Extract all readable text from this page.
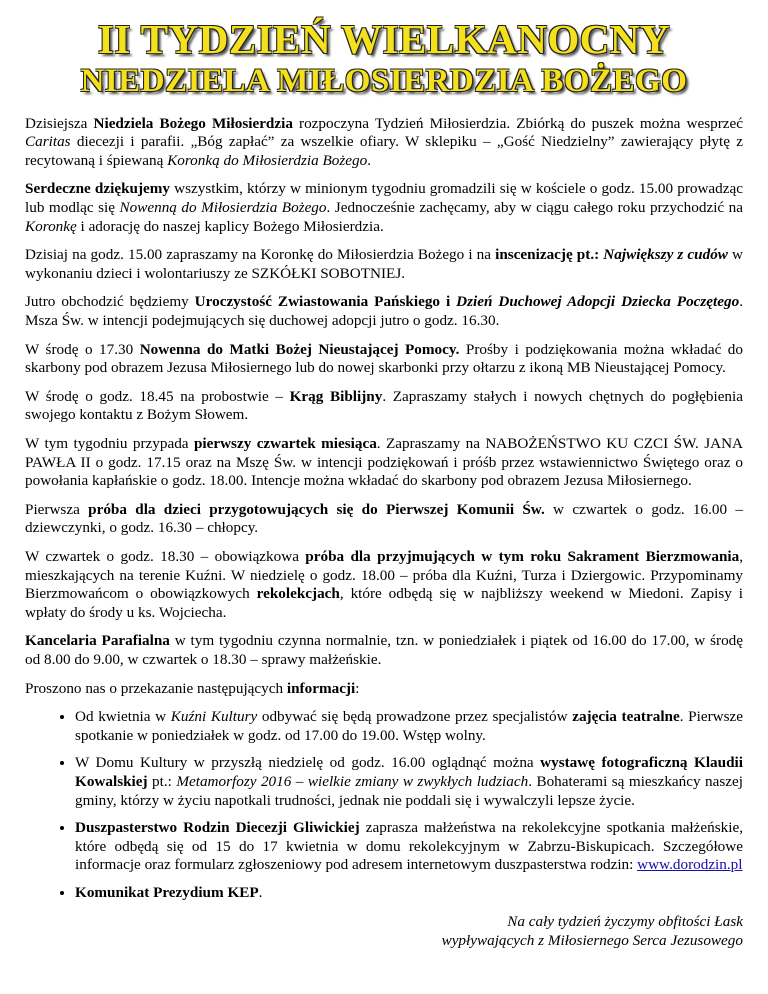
II TYDZIEŃ WIELKANOCNY
NIEDZIELA MIŁOSIERDZIA BOŻEGO

Dzisiejsza Niedziela Bożego Miłosierdzia rozpoczyna Tydzień Miłosierdzia. Zbiórką do puszek można wesprzeć Caritas diecezji i parafii. „Bóg zapłać” za wszelkie ofiary. W sklepiku – „Gość Niedzielny” zawierający płytę z recytowaną i śpiewaną Koronką do Miłosierdzia Bożego.

Serdeczne dziękujemy wszystkim, którzy w minionym tygodniu gromadzili się w kościele o godz. 15.00 prowadząc lub modląc się Nowenną do Miłosierdzia Bożego. Jednocześnie zachęcamy, aby w ciągu całego roku przychodzić na Koronkę i adorację do naszej kaplicy Bożego Miłosierdzia.

Dzisiaj na godz. 15.00 zapraszamy na Koronkę do Miłosierdzia Bożego i na inscenizację pt.: Największy z cudów w wykonaniu dzieci i wolontariuszy ze SZKÓŁKI SOBOTNIEJ.

Jutro obchodzić będziemy Uroczystość Zwiastowania Pańskiego i Dzień Duchowej Adopcji Dziecka Poczętego. Msza Św. w intencji podejmujących się duchowej adopcji jutro o godz. 16.30.

W środę o 17.30 Nowenna do Matki Bożej Nieustającej Pomocy. Prośby i podziękowania można wkładać do skarbony pod obrazem Jezusa Miłosiernego lub do nowej skarbonki przy ołtarzu z ikoną MB Nieustającej Pomocy.

W środę o godz. 18.45 na probostwie – Krąg Biblijny. Zapraszamy stałych i nowych chętnych do pogłębienia swojego kontaktu z Bożym Słowem.

W tym tygodniu przypada pierwszy czwartek miesiąca. Zapraszamy na NABOŻEŃSTWO KU CZCI ŚW. JANA PAWŁA II o godz. 17.15 oraz na Mszę Św. w intencji podziękowań i próśb przez wstawiennictwo Świętego oraz o powołania kapłańskie o godz. 18.00. Intencje można wkładać do skarbony pod obrazem Jezusa Miłosiernego.

Pierwsza próba dla dzieci przygotowujących się do Pierwszej Komunii Św. w czwartek o godz. 16.00 – dziewczynki, o godz. 16.30 – chłopcy.

W czwartek o godz. 18.30 – obowiązkowa próba dla przyjmujących w tym roku Sakrament Bierzmowania, mieszkających na terenie Kuźni. W niedzielę o godz. 18.00 – próba dla Kuźni, Turza i Dziergowic. Przypominamy Bierzmowańcom o obowiązkowych rekolekcjach, które odbędą się w najbliższy weekend w Miedoni. Zapisy i wpłaty do środy u ks. Wojciecha.

Kancelaria Parafialna w tym tygodniu czynna normalnie, tzn. w poniedziałek i piątek od 16.00 do 17.00, w środę od 8.00 do 9.00, w czwartek o 18.30 – sprawy małżeńskie.

Proszono nas o przekazanie następujących informacji:

• Od kwietnia w Kuźni Kultury odbywać się będą prowadzone przez specjalistów zajęcia teatralne. Pierwsze spotkanie w poniedziałek w godz. od 17.00 do 19.00. Wstęp wolny.
• W Domu Kultury w przyszłą niedzielę od godz. 16.00 oglądnąć można wystawę fotograficzną Klaudii Kowalskiej pt.: Metamorfozy 2016 – wielkie zmiany w zwykłych ludziach. Bohaterami są mieszkańcy naszej gminy, którzy w życiu napotkali trudności, jednak nie poddali się i wywalczyli lepsze życie.
• Duszpasterstwo Rodzin Diecezji Gliwickiej zaprasza małżeństwa na rekolekcyjne spotkania małżeńskie, które odbędą się od 15 do 17 kwietnia w domu rekolekcyjnym w Zabrzu-Biskupicach. Szczegółowe informacje oraz formularz zgłoszeniowy pod adresem internetowym duszpasterstwa rodzin: www.dorodzin.pl
• Komunikat Prezydium KEP.
Na cały tydzień życzymy obfitości Łask
wypływających z Miłosiernego Serca Jezusowego
